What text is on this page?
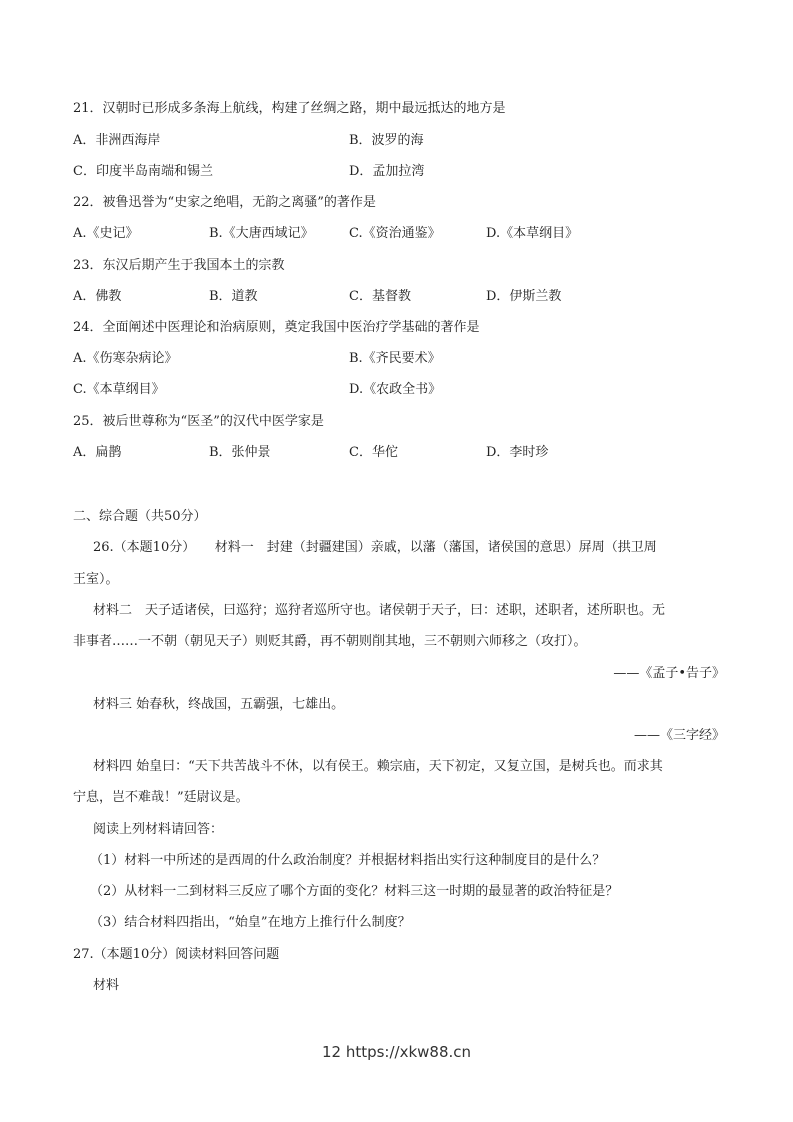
21．汉朝时已形成多条海上航线，构建了丝绸之路，期中最远抵达的地方是
A．非洲西海岸	B．波罗的海
C．印度半岛南端和锡兰	D．孟加拉湾
22．被鲁迅誉为“史家之绝唱，无韵之离骚”的著作是
A.《史记》	B.《大唐西域记》	C.《资治通鉴》	D.《本草纲目》
23．东汉后期产生于我国本土的宗教
A．佛教	B．道教	C．基督教	D．伊斯兰教
24．全面阐述中医理论和治病原则，奠定我国中医治疗学基础的著作是
A.《伤寒杂病论》	B.《齐民要术》
C.《本草纲目》	D.《农政全书》
25．被后世尊称为“医圣”的汉代中医学家是
A．扁鹊	B．张仲景	C．华佗	D．李时珍
二、综合题（共50分）
26.（本题10分）　　材料一　封建（封疆建国）亲戚，以藩（藩国，诸侯国的意思）屏周（拱卫周
王室）。
材料二　天子适诸侯，曰巡狩；巡狩者巡所守也。诸侯朝于天子，曰：述职，述职者，述所职也。无
非事者……一不朝（朝见天子）则贬其爵，再不朝则削其地，三不朝则六师移之（攻打）。
——《孟子•告子》
材料三 始春秋，终战国，五霸强，七雄出。
——《三字经》
材料四 始皇曰：“天下共苦战斗不休，以有侯王。赖宗庙，天下初定，又复立国，是树兵也。而求其
宁息，岂不难哉！”廷尉议是。
阅读上列材料请回答：
（1）材料一中所述的是西周的什么政治制度？并根据材料指出实行这种制度目的是什么？
（2）从材料一二到材料三反应了哪个方面的变化？材料三这一时期的最显著的政治特征是？
（3）结合材料四指出，“始皇”在地方上推行什么制度？
27.（本题10分）阅读材料回答问题
材料
12 https://xkw88.cn
